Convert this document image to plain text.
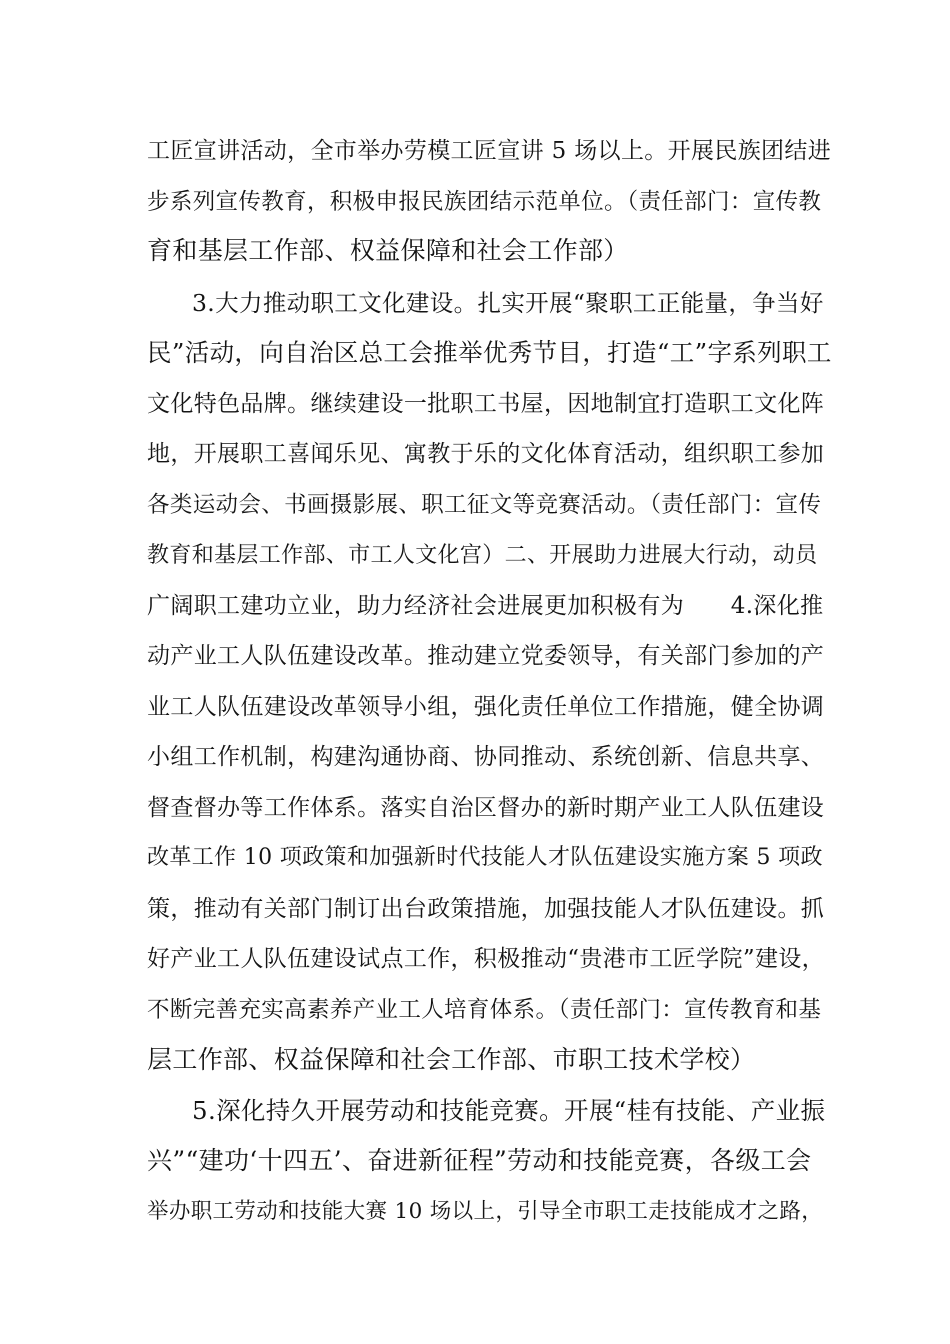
工匠宣讲活动，全市举办劳模工匠宣讲 5 场以上。开展民族团结进
步系列宣传教育，积极申报民族团结示范单位。（责任部门：宣传教
育和基层工作部、权益保障和社会工作部）
3.大力推动职工文化建设。扎实开展“聚职工正能量，争当好
民”活动，向自治区总工会推举优秀节目，打造“工”字系列职工
文化特色品牌。继续建设一批职工书屋，因地制宜打造职工文化阵
地，开展职工喜闻乐见、寓教于乐的文化体育活动，组织职工参加
各类运动会、书画摄影展、职工征文等竞赛活动。（责任部门：宣传
教育和基层工作部、市工人文化宫）二、开展助力进展大行动，动员
广阔职工建功立业，助力经济社会进展更加积极有为　　4.深化推
动产业工人队伍建设改革。推动建立党委领导，有关部门参加的产
业工人队伍建设改革领导小组，强化责任单位工作措施，健全协调
小组工作机制，构建沟通协商、协同推动、系统创新、信息共享、
督查督办等工作体系。落实自治区督办的新时期产业工人队伍建设
改革工作 10 项政策和加强新时代技能人才队伍建设实施方案 5 项政
策，推动有关部门制订出台政策措施，加强技能人才队伍建设。抓
好产业工人队伍建设试点工作，积极推动“贵港市工匠学院”建设，
不断完善充实高素养产业工人培育体系。（责任部门：宣传教育和基
层工作部、权益保障和社会工作部、市职工技术学校）
5.深化持久开展劳动和技能竞赛。开展“桂有技能、产业振
兴”“建功‘十四五’、奋进新征程”劳动和技能竞赛，各级工会
举办职工劳动和技能大赛 10 场以上，引导全市职工走技能成才之路，
